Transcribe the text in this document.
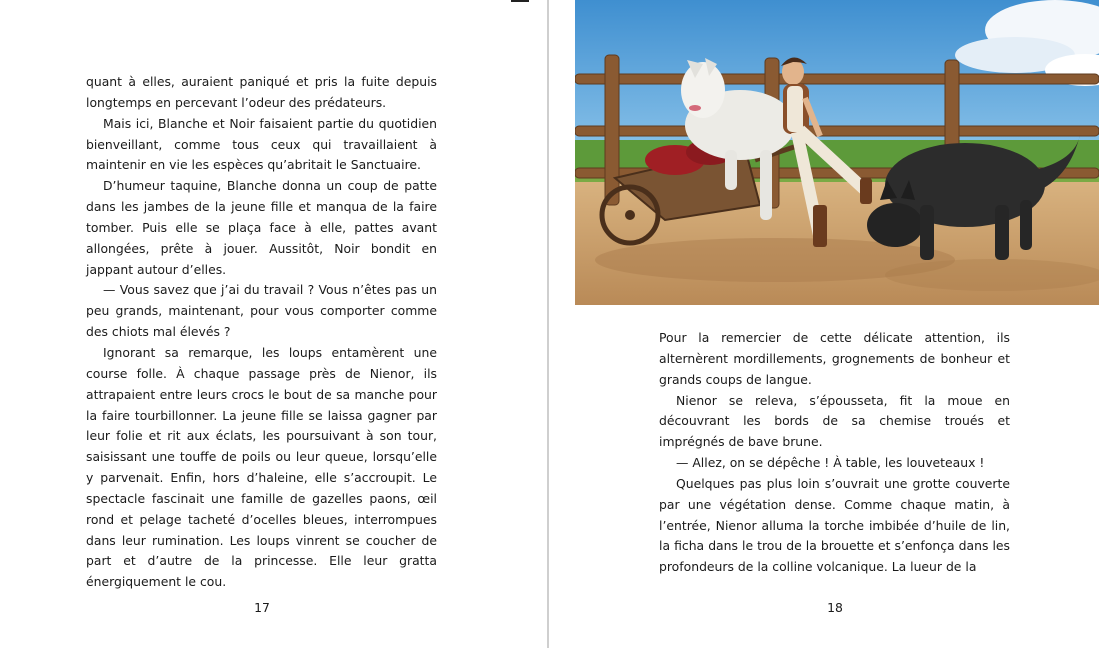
quant à elles, auraient paniqué et pris la fuite depuis longtemps en percevant l’odeur des prédateurs.

Mais ici, Blanche et Noir faisaient partie du quotidien bienveillant, comme tous ceux qui travaillaient à maintenir en vie les espèces qu’abritait le Sanctuaire.

D’humeur taquine, Blanche donna un coup de patte dans les jambes de la jeune fille et manqua de la faire tomber. Puis elle se plaça face à elle, pattes avant allongées, prête à jouer. Aussitôt, Noir bondit en jappant autour d’elles.

— Vous savez que j’ai du travail ? Vous n’êtes pas un peu grands, maintenant, pour vous comporter comme des chiots mal élevés ?

Ignorant sa remarque, les loups entamèrent une course folle. À chaque passage près de Nienor, ils attrapaient entre leurs crocs le bout de sa manche pour la faire tourbillonner. La jeune fille se laissa gagner par leur folie et rit aux éclats, les poursuivant à son tour, saisissant une touffe de poils ou leur queue, lorsqu’elle y parvenait. Enfin, hors d’haleine, elle s’accroupit. Le spectacle fascinait une famille de gazelles paons, œil rond et pelage tacheté d’ocelles bleues, interrompues dans leur rumination. Les loups vinrent se coucher de part et d’autre de la princesse. Elle leur gratta énergiquement le cou.

17

Pour la remercier de cette délicate attention, ils alternèrent mordillements, grognements de bonheur et grands coups de langue.

Nienor se releva, s’épousseta, fit la moue en découvrant les bords de sa chemise troués et imprégnés de bave brune.

— Allez, on se dépêche ! À table, les louveteaux !

Quelques pas plus loin s’ouvrait une grotte couverte par une végétation dense. Comme chaque matin, à l’entrée, Nienor alluma la torche imbibée d’huile de lin, la ficha dans le trou de la brouette et s’enfonça dans les profondeurs de la colline volcanique. La lueur de la

18
